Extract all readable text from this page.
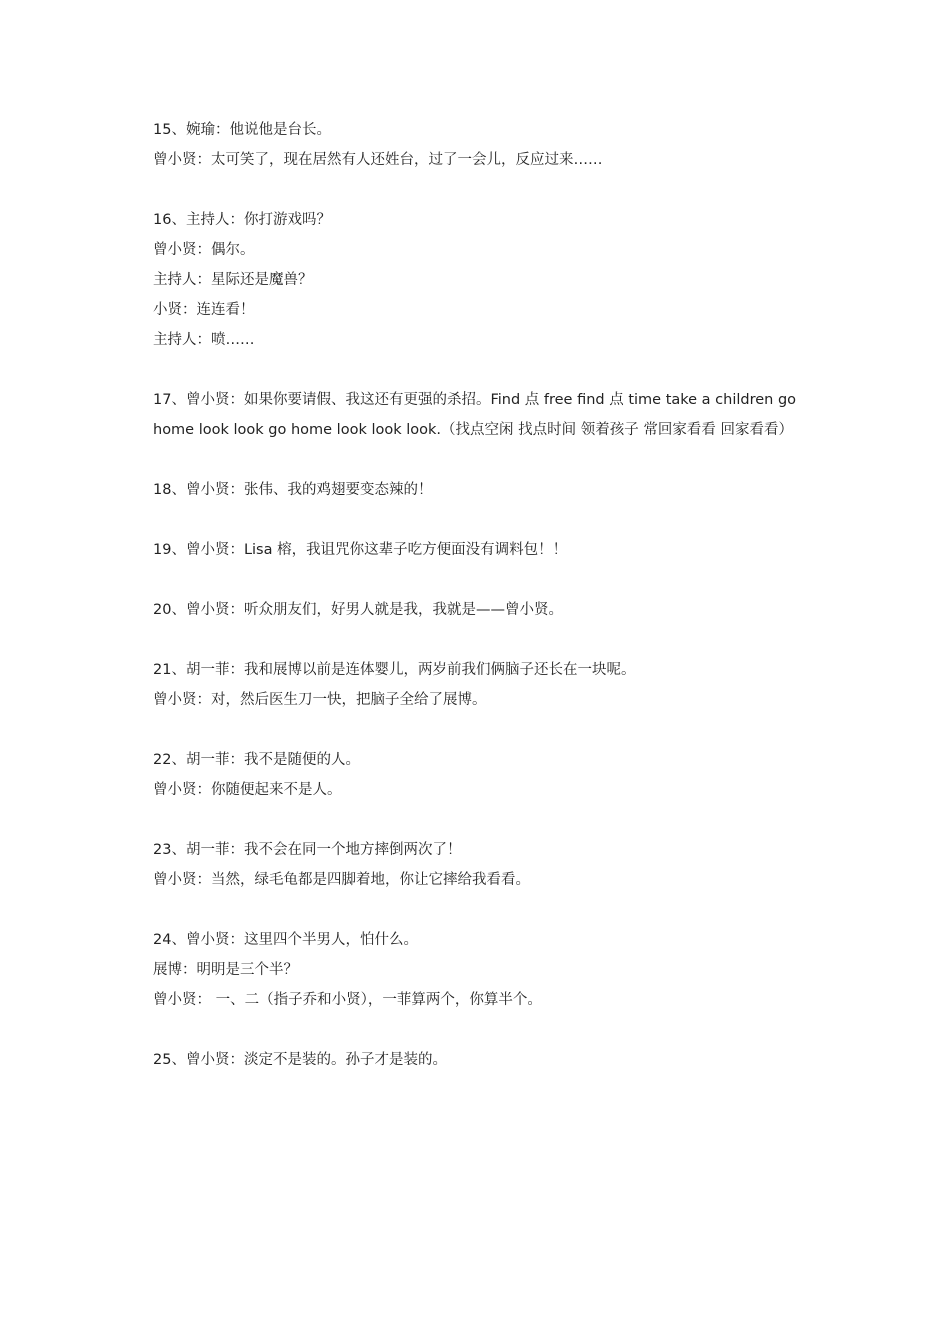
15、婉瑜：他说他是台长。

曾小贤：太可笑了，现在居然有人还姓台，过了一会儿，反应过来……

16、主持人：你打游戏吗？

曾小贤：偶尔。

主持人：星际还是魔兽？

小贤：连连看！

主持人：喷……

17、曾小贤：如果你要请假、我这还有更强的杀招。Find 点 free find 点 time take a children go home look look go home look look look.（找点空闲 找点时间 领着孩子 常回家看看 回家看看）

18、曾小贤：张伟、我的鸡翅要变态辣的！

19、曾小贤：Lisa 榕，我诅咒你这辈子吃方便面没有调料包！！

20、曾小贤：听众朋友们，好男人就是我，我就是——曾小贤。

21、胡一菲：我和展博以前是连体婴儿，两岁前我们俩脑子还长在一块呢。

曾小贤：对，然后医生刀一快，把脑子全给了展博。

22、胡一菲：我不是随便的人。

曾小贤：你随便起来不是人。

23、胡一菲：我不会在同一个地方摔倒两次了！

曾小贤：当然，绿毛龟都是四脚着地，你让它摔给我看看。

24、曾小贤：这里四个半男人，怕什么。

展博：明明是三个半？

曾小贤： 一、二（指子乔和小贤），一菲算两个，你算半个。

25、曾小贤：淡定不是装的。孙子才是装的。
